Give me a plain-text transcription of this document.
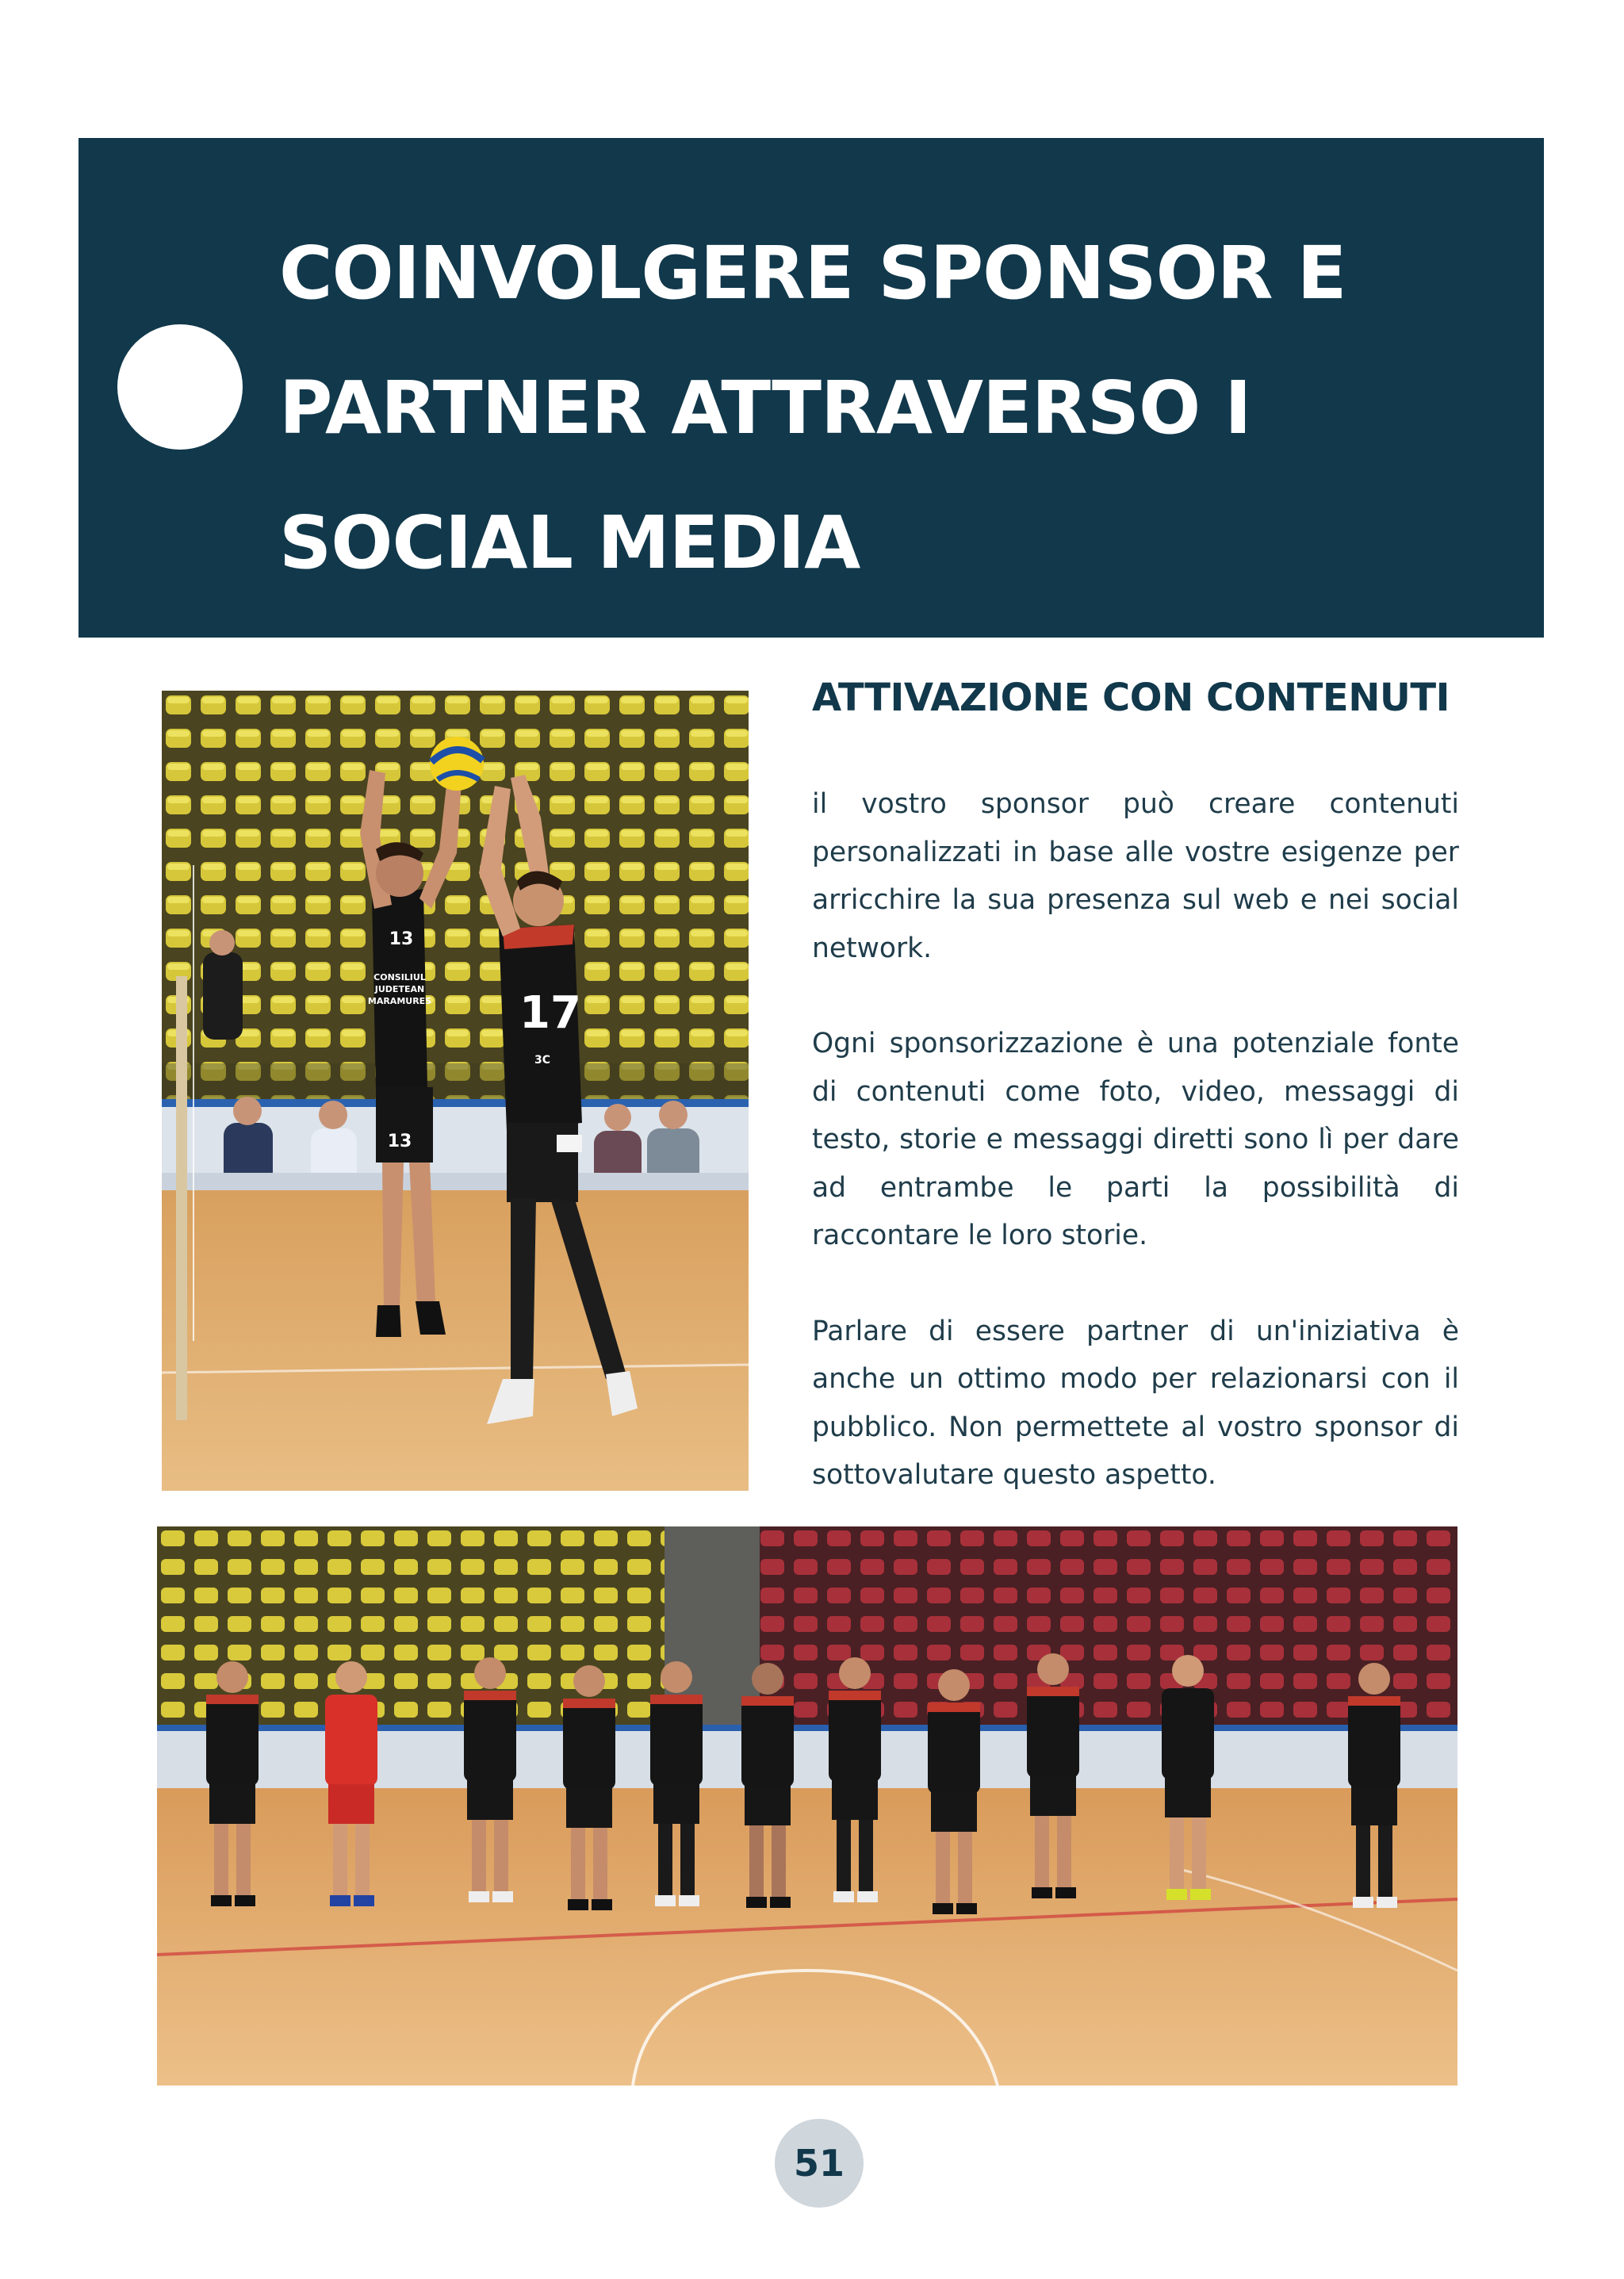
COINVOLGERE SPONSOR E
PARTNER ATTRAVERSO I
SOCIAL MEDIA
13
CONSILIUL
JUDETEAN
MARAMURES
13
17
3C
ATTIVAZIONE CON CONTENUTI

il vostro sponsor può creare contenuti personalizzati in base alle vostre esigenze per arricchire la sua presenza sul web e nei social network.

Ogni sponsorizzazione è una potenziale fonte di contenuti come foto, video, messaggi di testo, storie e messaggi diretti sono lì per dare ad entrambe le parti la possibilità di raccontare le loro storie.

Parlare di essere partner di un'iniziativa è anche un ottimo modo per relazionarsi con il pubblico. Non permettete al vostro sponsor di sottovalutare questo aspetto.

51
